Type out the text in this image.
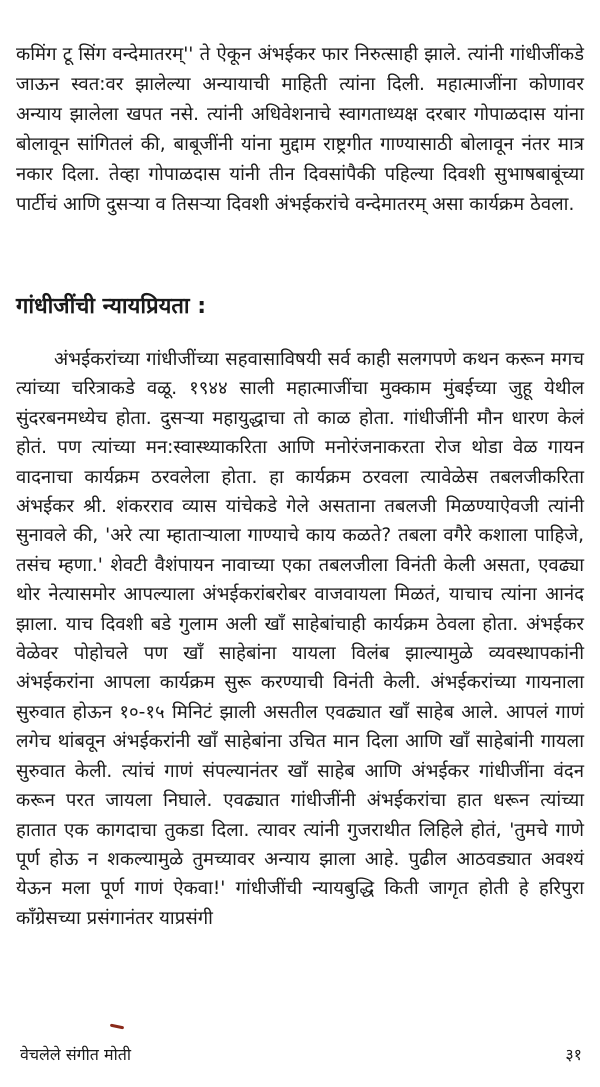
कमिंग टू सिंग वन्देमातरम्'' ते ऐकून अंभईकर फार निरुत्साही झाले. त्यांनी गांधीजींकडे जाऊन स्वत:वर झालेल्या अन्यायाची माहिती त्यांना दिली. महात्माजींना कोणावर अन्याय झालेला खपत नसे. त्यांनी अधिवेशनाचे स्वागताध्यक्ष दरबार गोपाळदास यांना बोलावून सांगितलं की, बाबूजींनी यांना मुद्दाम राष्ट्रगीत गाण्यासाठी बोलावून नंतर मात्र नकार दिला. तेव्हा गोपाळदास यांनी तीन दिवसांपैकी पहिल्या दिवशी सुभाषबाबूंच्या पार्टीचं आणि दुसऱ्या व तिसऱ्या दिवशी अंभईकरांचे वन्देमातरम् असा कार्यक्रम ठेवला.

गांधीजींची न्यायप्रियता :

अंभईकरांच्या गांधीजींच्या सहवासाविषयी सर्व काही सलगपणे कथन करून मगच त्यांच्या चरित्राकडे वळू. १९४४ साली महात्माजींचा मुक्काम मुंबईच्या जुहू येथील सुंदरबनमध्येच होता. दुसऱ्या महायुद्धाचा तो काळ होता. गांधीजींनी मौन धारण केलं होतं. पण त्यांच्या मन:स्वास्थ्याकरिता आणि मनोरंजनाकरता रोज थोडा वेळ गायन वादनाचा कार्यक्रम ठरवलेला होता. हा कार्यक्रम ठरवला त्यावेळेस तबलजीकरिता अंभईकर श्री. शंकरराव व्यास यांचेकडे गेले असताना तबलजी मिळण्याऐवजी त्यांनी सुनावले की, 'अरे त्या म्हाताऱ्याला गाण्याचे काय कळते? तबला वगैरे कशाला पाहिजे, तसंच म्हणा.' शेवटी वैशंपायन नावाच्या एका तबलजीला विनंती केली असता, एवढ्या थोर नेत्यासमोर आपल्याला अंभईकरांबरोबर वाजवायला मिळतं, याचाच त्यांना आनंद झाला. याच दिवशी बडे गुलाम अली खाँ साहेबांचाही कार्यक्रम ठेवला होता. अंभईकर वेळेवर पोहोचले पण खाँ साहेबांना यायला विलंब झाल्यामुळे व्यवस्थापकांनी अंभईकरांना आपला कार्यक्रम सुरू करण्याची विनंती केली. अंभईकरांच्या गायनाला सुरुवात होऊन १०-१५ मिनिटं झाली असतील एवढ्यात खाँ साहेब आले. आपलं गाणं लगेच थांबवून अंभईकरांनी खाँ साहेबांना उचित मान दिला आणि खाँ साहेबांनी गायला सुरुवात केली. त्यांचं गाणं संपल्यानंतर खाँ साहेब आणि अंभईकर गांधीजींना वंदन करून परत जायला निघाले. एवढ्यात गांधीजींनी अंभईकरांचा हात धरून त्यांच्या हातात एक कागदाचा तुकडा दिला. त्यावर त्यांनी गुजराथीत लिहिले होतं, 'तुमचे गाणे पूर्ण होऊ न शकल्यामुळे तुमच्यावर अन्याय झाला आहे. पुढील आठवड्यात अवश्यं येऊन मला पूर्ण गाणं ऐकवा!' गांधीजींची न्यायबुद्धि किती जागृत होती हे हरिपुरा कॉंग्रेसच्या प्रसंगानंतर याप्रसंगी

वेचलेले संगीत मोती	३१
